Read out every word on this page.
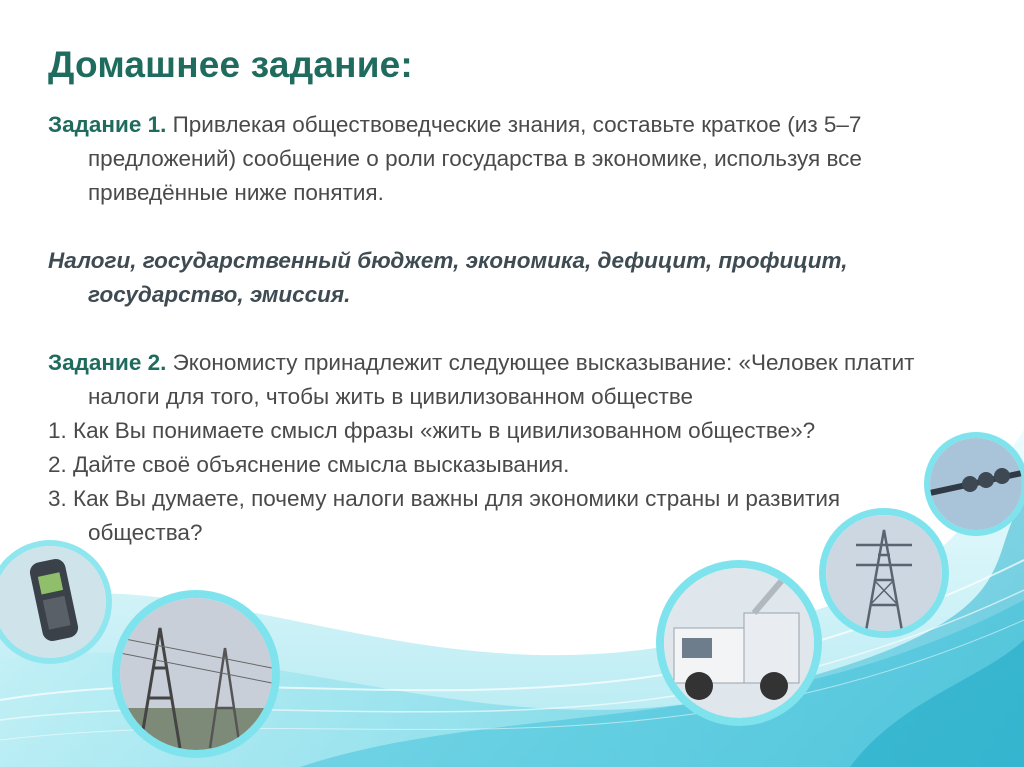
Домашнее задание:

Задание 1. Привлекая обществоведческие знания, составьте краткое (из 5–7 предложений) сообщение о роли государства в экономике, используя все приведённые ниже понятия.

Налоги, государственный бюджет, экономика, дефицит, профицит, государство, эмиссия.

Задание 2. Экономисту принадлежит следующее высказывание: «Человек платит налоги для того, чтобы жить в цивилизованном обществе

1. Как Вы понимаете смысл фразы «жить в цивилизованном обществе»?

2. Дайте своё объяснение смысла высказывания.

3. Как Вы думаете, почему налоги важны для экономики страны и развития общества?
